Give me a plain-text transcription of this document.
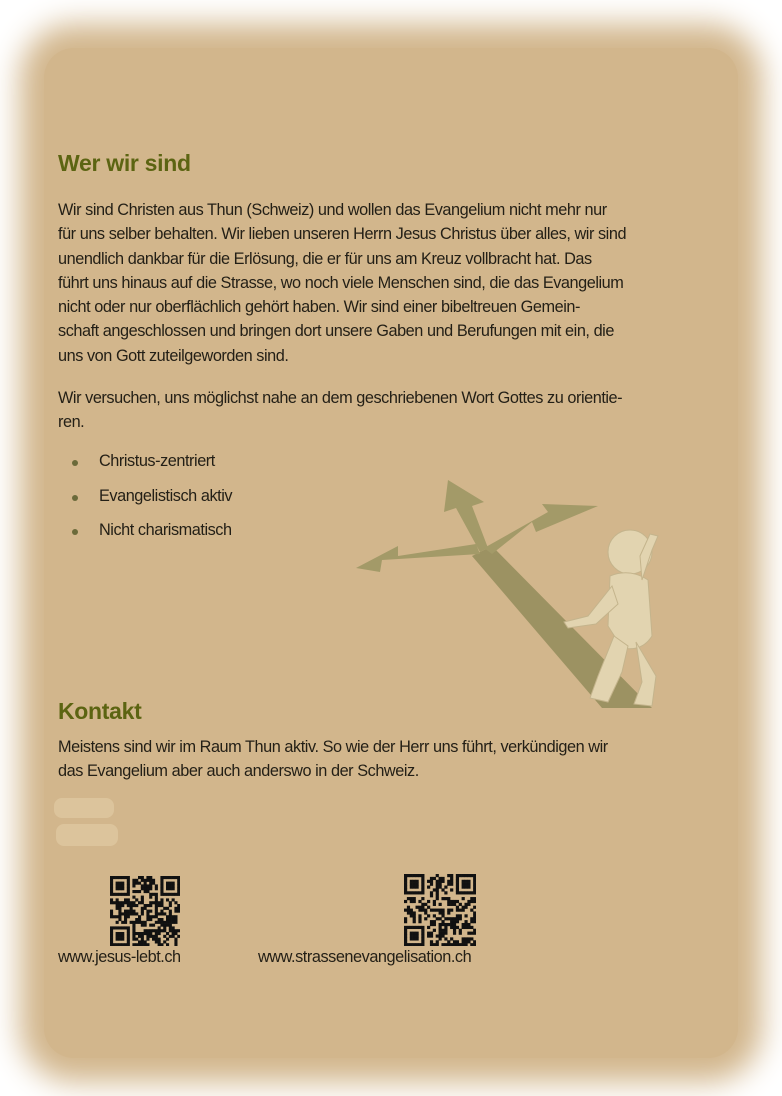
Wer wir sind
Wir sind Christen aus Thun (Schweiz) und wollen das Evangelium nicht mehr nur
für uns selber behalten. Wir lieben unseren Herrn Jesus Christus über alles, wir sind
unendlich dankbar für die Erlösung, die er für uns am Kreuz vollbracht hat. Das
führt uns hinaus auf die Strasse, wo noch viele Menschen sind, die das Evangelium
nicht oder nur oberflächlich gehört haben. Wir sind einer bibeltreuen Gemein-
schaft angeschlossen und bringen dort unsere Gaben und Berufungen mit ein, die
uns von Gott zuteilgeworden sind.
Wir versuchen, uns möglichst nahe an dem geschriebenen Wort Gottes zu orientie-
ren.
Christus-zentriert
Evangelistisch aktiv
Nicht charismatisch
Kontakt
Meistens sind wir im Raum Thun aktiv. So wie der Herr uns führt, verkündigen wir
das Evangelium aber auch anderswo in der Schweiz.
www.jesus-lebt.ch	www.strassenevangelisation.ch
